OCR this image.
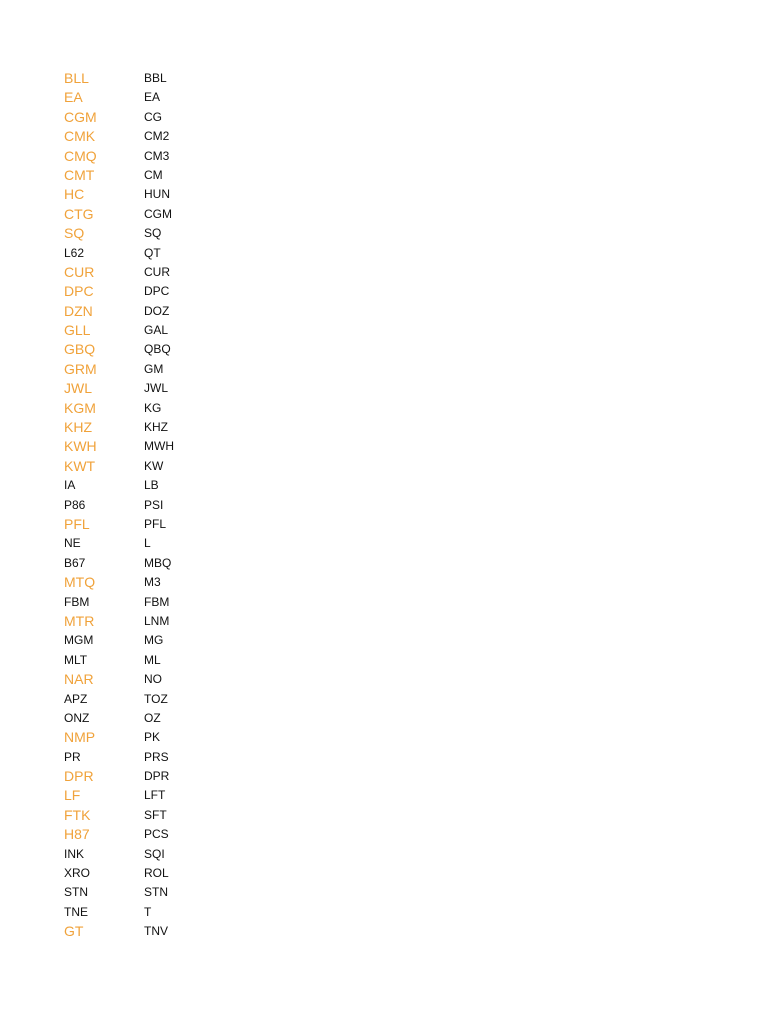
BLL	BBL
EA	EA
CGM	CG
CMK	CM2
CMQ	CM3
CMT	CM
HC	HUN
CTG	CGM
SQ	SQ
L62	QT
CUR	CUR
DPC	DPC
DZN	DOZ
GLL	GAL
GBQ	QBQ
GRM	GM
JWL	JWL
KGM	KG
KHZ	KHZ
KWH	MWH
KWT	KW
IA	LB
P86	PSI
PFL	PFL
NE	L
B67	MBQ
MTQ	M3
FBM	FBM
MTR	LNM
MGM	MG
MLT	ML
NAR	NO
APZ	TOZ
ONZ	OZ
NMP	PK
PR	PRS
DPR	DPR
LF	LFT
FTK	SFT
H87	PCS
INK	SQI
XRO	ROL
STN	STN
TNE	T
GT	TNV
